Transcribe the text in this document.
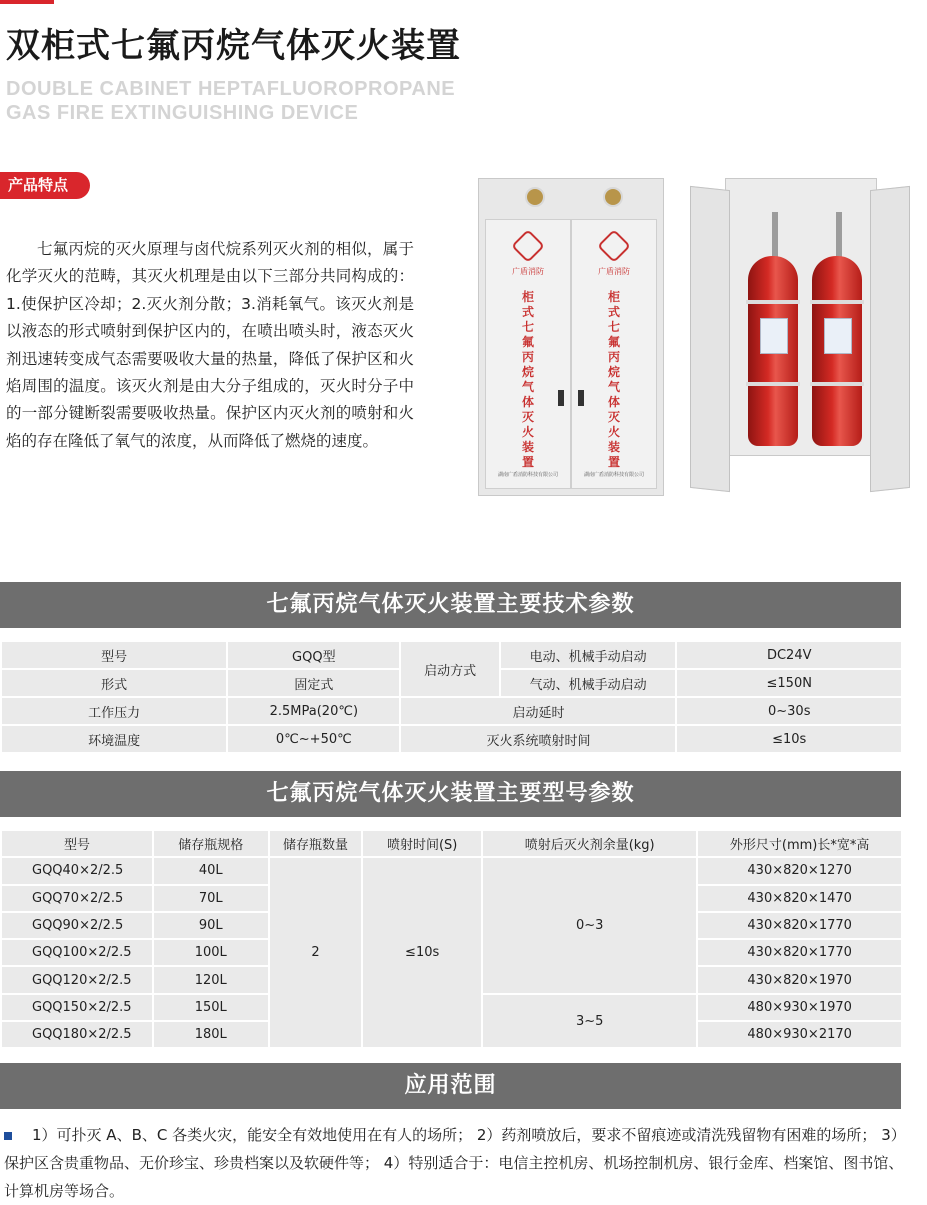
双柜式七氟丙烷气体灭火装置
DOUBLE CABINET HEPTAFLUOROPROPANE
GAS FIRE EXTINGUISHING DEVICE
产品特点
七氟丙烷的灭火原理与卤代烷系列灭火剂的相似，属于化学灭火的范畴，其灭火机理是由以下三部分共同构成的：1.使保护区冷却；2.灭火剂分散；3.消耗氧气。该灭火剂是以液态的形式喷射到保护区内的，在喷出喷头时，液态灭火剂迅速转变成气态需要吸收大量的热量，降低了保护区和火焰周围的温度。该灭火剂是由大分子组成的，灭火时分子中的一部分键断裂需要吸收热量。保护区内灭火剂的喷射和火焰的存在隆低了氧气的浓度，从而降低了燃烧的速度。
广盾消防
柜式七氟丙烷气体灭火装置
湖南广盾消防科技有限公司
广盾消防
柜式七氟丙烷气体灭火装置
湖南广盾消防科技有限公司
七氟丙烷气体灭火装置主要技术参数
型号	GQQ型	启动方式	电动、机械手动启动	DC24V
形式	固定式		气动、机械手动启动	≤150N
工作压力	2.5MPa(20℃)	启动延时		0~30s
环境温度	0℃~+50℃	灭火系统喷射时间		≤10s
七氟丙烷气体灭火装置主要型号参数
型号	储存瓶规格	储存瓶数量	喷射时间(S)	喷射后灭火剂余量(kg)	外形尺寸(mm)长*宽*高
GQQ40×2/2.5	40L	2	≤10s	0~3	430×820×1270
GQQ70×2/2.5	70L				430×820×1470
GQQ90×2/2.5	90L				430×820×1770
GQQ100×2/2.5	100L				430×820×1770
GQQ120×2/2.5	120L				430×820×1970
GQQ150×2/2.5	150L			3~5	480×930×1970
GQQ180×2/2.5	180L				480×930×2170
应用范围
1）可扑灭 A、B、C 各类火灾，能安全有效地使用在有人的场所； 2）药剂喷放后，要求不留痕迹或清洗残留物有困难的场所； 3）保护区含贵重物品、无价珍宝、珍贵档案以及软硬件等； 4）特别适合于：电信主控机房、机场控制机房、银行金库、档案馆、图书馆、计算机房等场合。
